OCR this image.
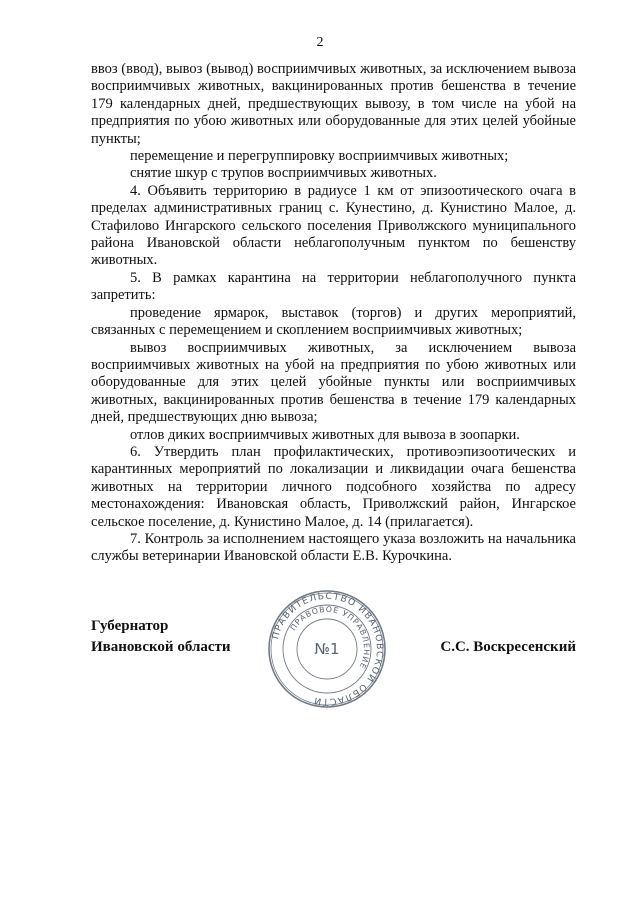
2

ввоз (ввод), вывоз (вывод) восприимчивых животных, за исключением вывоза восприимчивых животных, вакцинированных против бешенства в течение 179 календарных дней, предшествующих вывозу, в том числе на убой на предприятия по убою животных или оборудованные для этих целей убойные пункты;

перемещение и перегруппировку восприимчивых животных;

снятие шкур с трупов восприимчивых животных.

4. Объявить территорию в радиусе 1 км от эпизоотического очага в пределах административных границ с. Кунестино, д. Кунистино Малое, д. Стафилово Ингарского сельского поселения Приволжского муниципального района Ивановской области неблагополучным пунктом по бешенству животных.

5. В рамках карантина на территории неблагополучного пункта запретить:

проведение ярмарок, выставок (торгов) и других мероприятий, связанных с перемещением и скоплением восприимчивых животных;

вывоз восприимчивых животных, за исключением вывоза восприимчивых животных на убой на предприятия по убою животных или оборудованные для этих целей убойные пункты или восприимчивых животных, вакцинированных против бешенства в течение 179 календарных дней, предшествующих дню вывоза;

отлов диких восприимчивых животных для вывоза в зоопарки.

6. Утвердить план профилактических, противоэпизоотических и карантинных мероприятий по локализации и ликвидации очага бешенства животных на территории личного подсобного хозяйства по адресу местонахождения: Ивановская область, Приволжский район, Ингарское сельское поселение, д. Кунистино Малое, д. 14 (прилагается).

7. Контроль за исполнением настоящего указа возложить на начальника службы ветеринарии Ивановской области Е.В. Курочкина.

Губернатор
Ивановской области
ПРАВИТЕЛЬСТВО ИВАНОВСКОЙ ОБЛАСТИ
ПРАВОВОЕ УПРАВЛЕНИЕ
№1	С.С. Воскресенский
